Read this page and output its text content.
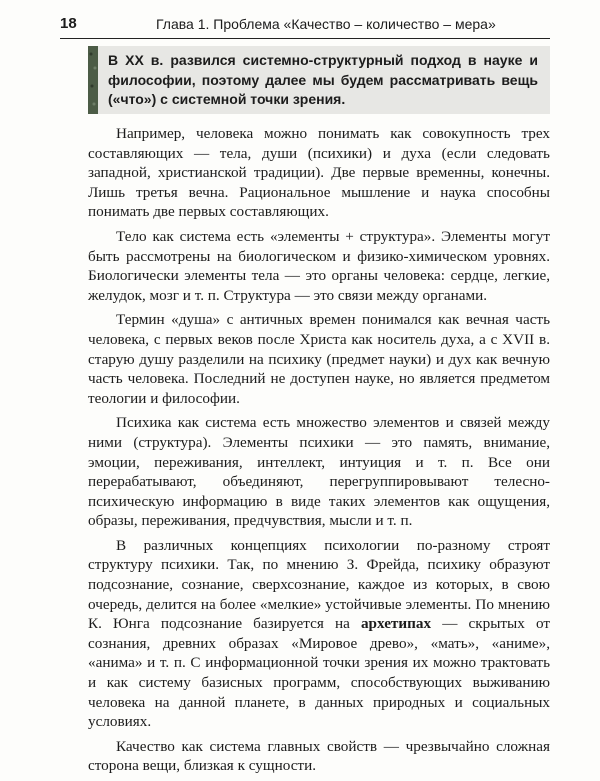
18	Глава 1. Проблема «Качество – количество – мера»
В XX в. развился системно-структурный подход в науке и философии, поэтому далее мы будем рассматривать вещь («что») с системной точки зрения.

Например, человека можно понимать как совокупность трех составляющих — тела, души (психики) и духа (если следовать западной, христианской традиции). Две первые временны, конечны. Лишь третья вечна. Рациональное мышление и наука способны понимать две первых составляющих.

Тело как система есть «элементы + структура». Элементы могут быть рассмотрены на биологическом и физико-химическом уровнях. Биологически элементы тела — это органы человека: сердце, легкие, желудок, мозг и т. п. Структура — это связи между органами.

Термин «душа» с античных времен понимался как вечная часть человека, с первых веков после Христа как носитель духа, а с XVII в. старую душу разделили на психику (предмет науки) и дух как вечную часть человека. Последний не доступен науке, но является предметом теологии и философии.

Психика как система есть множество элементов и связей между ними (структура). Элементы психики — это память, внимание, эмоции, переживания, интеллект, интуиция и т. п. Все они перерабатывают, объединяют, перегруппировывают телесно-психическую информацию в виде таких элементов как ощущения, образы, переживания, предчувствия, мысли и т. п.

В различных концепциях психологии по-разному строят структуру психики. Так, по мнению З. Фрейда, психику образуют подсознание, сознание, сверхсознание, каждое из которых, в свою очередь, делится на более «мелкие» устойчивые элементы. По мнению К. Юнга подсознание базируется на архетипах — скрытых от сознания, древних образах «Мировое древо», «мать», «аниме», «анима» и т. п. С информационной точки зрения их можно трактовать и как систему базисных программ, способствующих выживанию человека на данной планете, в данных природных и социальных условиях.

Качество как система главных свойств — чрезвычайно сложная сторона вещи, близкая к сущности.
